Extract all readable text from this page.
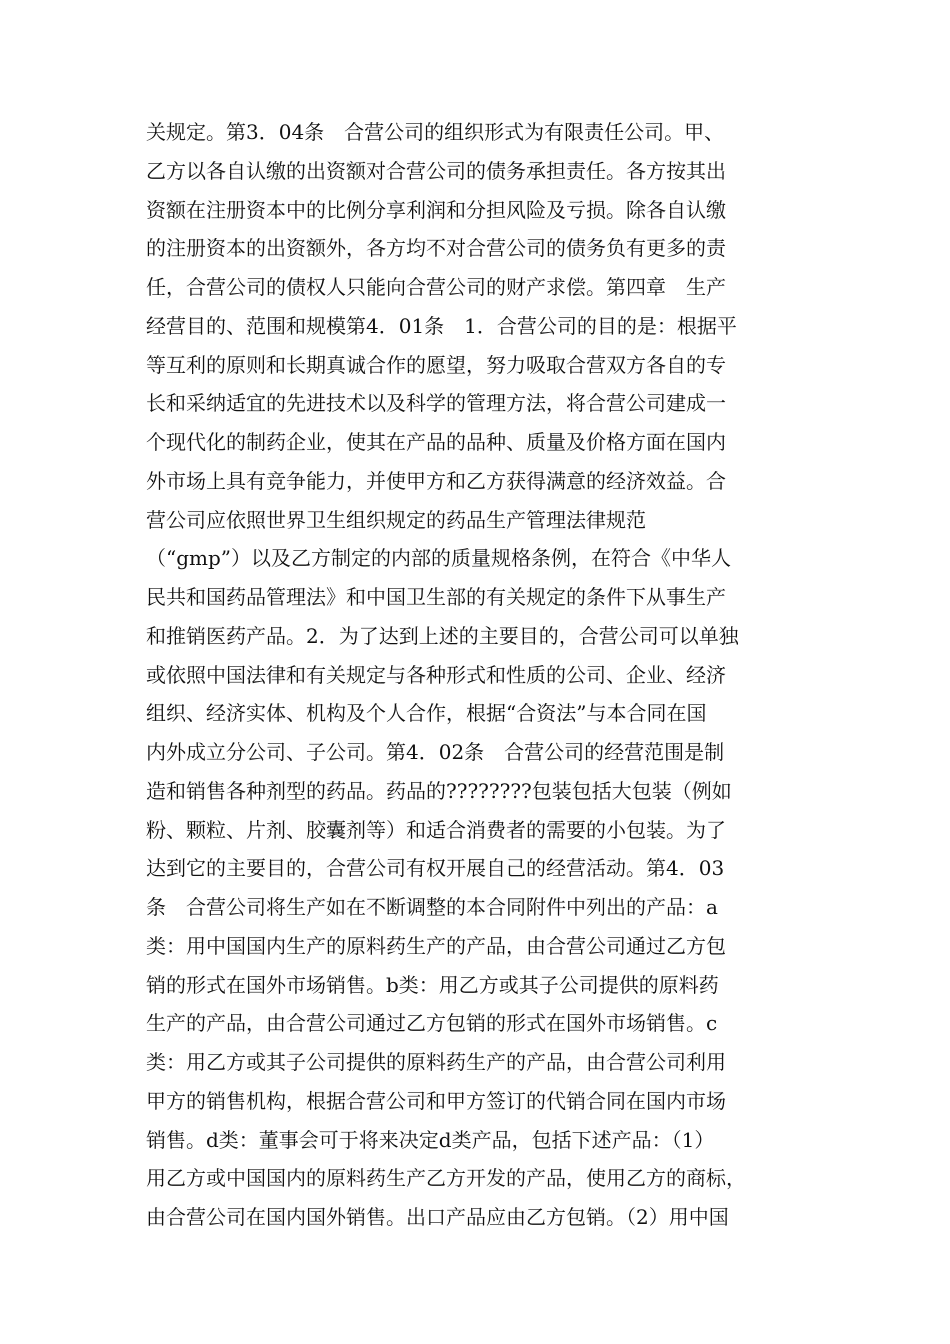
关规定。第3．04条　合营公司的组织形式为有限责任公司。甲、
乙方以各自认缴的出资额对合营公司的债务承担责任。各方按其出
资额在注册资本中的比例分享利润和分担风险及亏损。除各自认缴
的注册资本的出资额外，各方均不对合营公司的债务负有更多的责
任，合营公司的债权人只能向合营公司的财产求偿。第四章　生产
经营目的、范围和规模第4．01条　1．合营公司的目的是：根据平
等互利的原则和长期真诚合作的愿望，努力吸取合营双方各自的专
长和采纳适宜的先进技术以及科学的管理方法，将合营公司建成一
个现代化的制药企业，使其在产品的品种、质量及价格方面在国内
外市场上具有竞争能力，并使甲方和乙方获得满意的经济效益。合
营公司应依照世界卫生组织规定的药品生产管理法律规范
（“gmp”）以及乙方制定的内部的质量规格条例，在符合《中华人
民共和国药品管理法》和中国卫生部的有关规定的条件下从事生产
和推销医药产品。2．为了达到上述的主要目的，合营公司可以单独
或依照中国法律和有关规定与各种形式和性质的公司、企业、经济
组织、经济实体、机构及个人合作，根据“合资法”与本合同在国
内外成立分公司、子公司。第4．02条　合营公司的经营范围是制
造和销售各种剂型的药品。药品的????????包装包括大包装（例如
粉、颗粒、片剂、胶囊剂等）和适合消费者的需要的小包装。为了
达到它的主要目的，合营公司有权开展自己的经营活动。第4．03
条　合营公司将生产如在不断调整的本合同附件中列出的产品：a
类：用中国国内生产的原料药生产的产品，由合营公司通过乙方包
销的形式在国外市场销售。b类：用乙方或其子公司提供的原料药
生产的产品，由合营公司通过乙方包销的形式在国外市场销售。c
类：用乙方或其子公司提供的原料药生产的产品，由合营公司利用
甲方的销售机构，根据合营公司和甲方签订的代销合同在国内市场
销售。d类：董事会可于将来决定d类产品，包括下述产品：（1）
用乙方或中国国内的原料药生产乙方开发的产品，使用乙方的商标，
由合营公司在国内国外销售。出口产品应由乙方包销。（2）用中国
